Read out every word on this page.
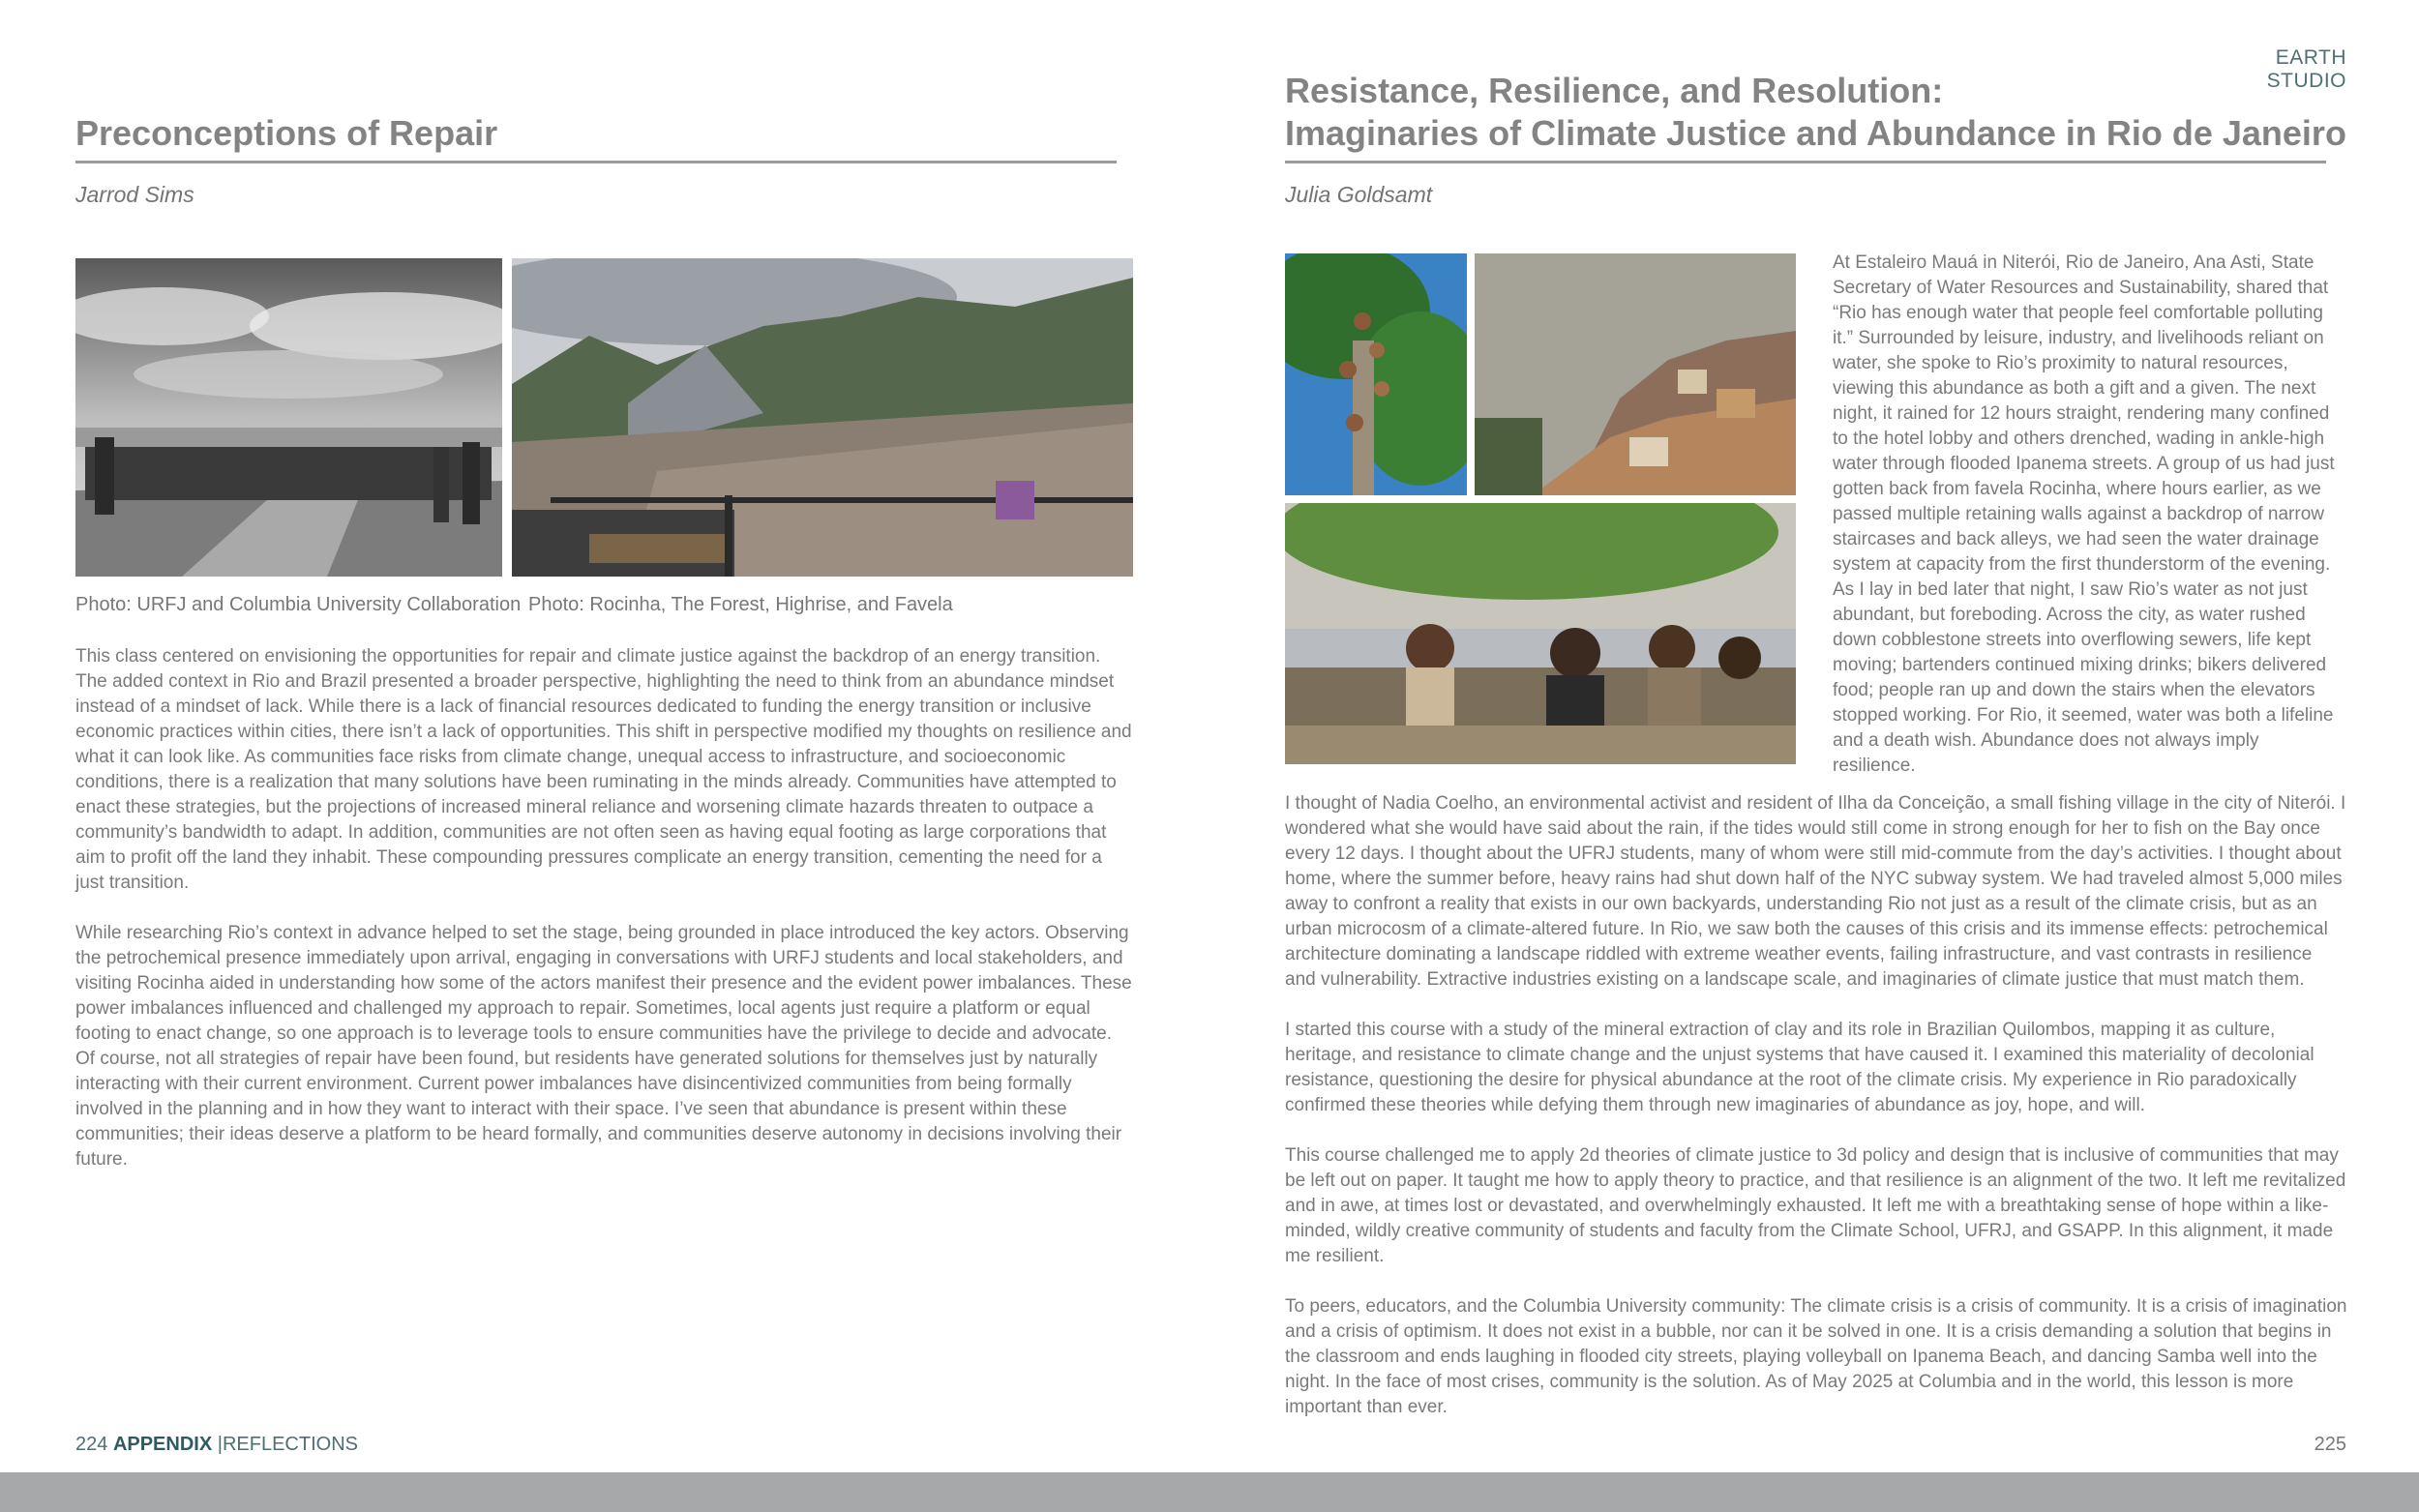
EARTH STUDIO
Preconceptions of Repair
Jarrod Sims
Photo: URFJ and Columbia University Collaboration Photo: Rocinha, The Forest, Highrise, and Favela

This class centered on envisioning the opportunities for repair and climate justice against the backdrop of an energy transition. The added context in Rio and Brazil presented a broader perspective, highlighting the need to think from an abundance mindset instead of a mindset of lack. While there is a lack of financial resources dedicated to funding the energy transition or inclusive economic practices within cities, there isn’t a lack of opportunities. This shift in perspective modified my thoughts on resilience and what it can look like. As communities face risks from climate change, unequal access to infrastructure, and socioeconomic conditions, there is a realization that many solutions have been ruminating in the minds already. Communities have attempted to enact these strategies, but the projections of increased mineral reliance and worsening climate hazards threaten to outpace a community’s bandwidth to adapt. In addition, communities are not often seen as having equal footing as large corporations that aim to profit off the land they inhabit. These compounding pressures complicate an energy transition, cementing the need for a just transition.

While researching Rio’s context in advance helped to set the stage, being grounded in place introduced the key actors. Observing the petrochemical presence immediately upon arrival, engaging in conversations with URFJ students and local stakeholders, and visiting Rocinha aided in understanding how some of the actors manifest their presence and the evident power imbalances. These power imbalances influenced and challenged my approach to repair. Sometimes, local agents just require a platform or equal footing to enact change, so one approach is to leverage tools to ensure communities have the privilege to decide and advocate. Of course, not all strategies of repair have been found, but residents have generated solutions for themselves just by naturally interacting with their current environment. Current power imbalances have disincentivized communities from being formally involved in the planning and in how they want to interact with their space. I’ve seen that abundance is present within these communities; their ideas deserve a platform to be heard formally, and communities deserve autonomy in decisions involving their future.

224 APPENDIX |REFLECTIONS
Resistance, Resilience, and Resolution:
Imaginaries of Climate Justice and Abundance in Rio de Janeiro
Julia Goldsamt
At Estaleiro Mauá in Niterói, Rio de Janeiro, Ana Asti, State Secretary of Water Resources and Sustainability, shared that “Rio has enough water that people feel comfortable polluting it.” Surrounded by leisure, industry, and livelihoods reliant on water, she spoke to Rio’s proximity to natural resources, viewing this abundance as both a gift and a given. The next night, it rained for 12 hours straight, rendering many confined to the hotel lobby and others drenched, wading in ankle-high water through flooded Ipanema streets. A group of us had just gotten back from favela Rocinha, where hours earlier, as we passed multiple retaining walls against a backdrop of narrow staircases and back alleys, we had seen the water drainage system at capacity from the first thunderstorm of the evening. As I lay in bed later that night, I saw Rio’s water as not just abundant, but foreboding. Across the city, as water rushed down cobblestone streets into overflowing sewers, life kept moving; bartenders continued mixing drinks; bikers delivered food; people ran up and down the stairs when the elevators stopped working. For Rio, it seemed, water was both a lifeline and a death wish. Abundance does not always imply resilience.

I thought of Nadia Coelho, an environmental activist and resident of Ilha da Conceição, a small fishing village in the city of Niterói. I wondered what she would have said about the rain, if the tides would still come in strong enough for her to fish on the Bay once every 12 days. I thought about the UFRJ students, many of whom were still mid-commute from the day’s activities. I thought about home, where the summer before, heavy rains had shut down half of the NYC subway system. We had traveled almost 5,000 miles away to confront a reality that exists in our own backyards, understanding Rio not just as a result of the climate crisis, but as an urban microcosm of a climate-altered future. In Rio, we saw both the causes of this crisis and its immense effects: petrochemical architecture dominating a landscape riddled with extreme weather events, failing infrastructure, and vast contrasts in resilience and vulnerability. Extractive industries existing on a landscape scale, and imaginaries of climate justice that must match them.

I started this course with a study of the mineral extraction of clay and its role in Brazilian Quilombos, mapping it as culture, heritage, and resistance to climate change and the unjust systems that have caused it. I examined this materiality of decolonial resistance, questioning the desire for physical abundance at the root of the climate crisis. My experience in Rio paradoxically confirmed these theories while defying them through new imaginaries of abundance as joy, hope, and will.

This course challenged me to apply 2d theories of climate justice to 3d policy and design that is inclusive of communities that may be left out on paper. It taught me how to apply theory to practice, and that resilience is an alignment of the two. It left me revitalized and in awe, at times lost or devastated, and overwhelmingly exhausted. It left me with a breathtaking sense of hope within a like-minded, wildly creative community of students and faculty from the Climate School, UFRJ, and GSAPP. In this alignment, it made me resilient.

To peers, educators, and the Columbia University community: The climate crisis is a crisis of community. It is a crisis of imagination and a crisis of optimism. It does not exist in a bubble, nor can it be solved in one. It is a crisis demanding a solution that begins in the classroom and ends laughing in flooded city streets, playing volleyball on Ipanema Beach, and dancing Samba well into the night. In the face of most crises, community is the solution. As of May 2025 at Columbia and in the world, this lesson is more important than ever.

225
